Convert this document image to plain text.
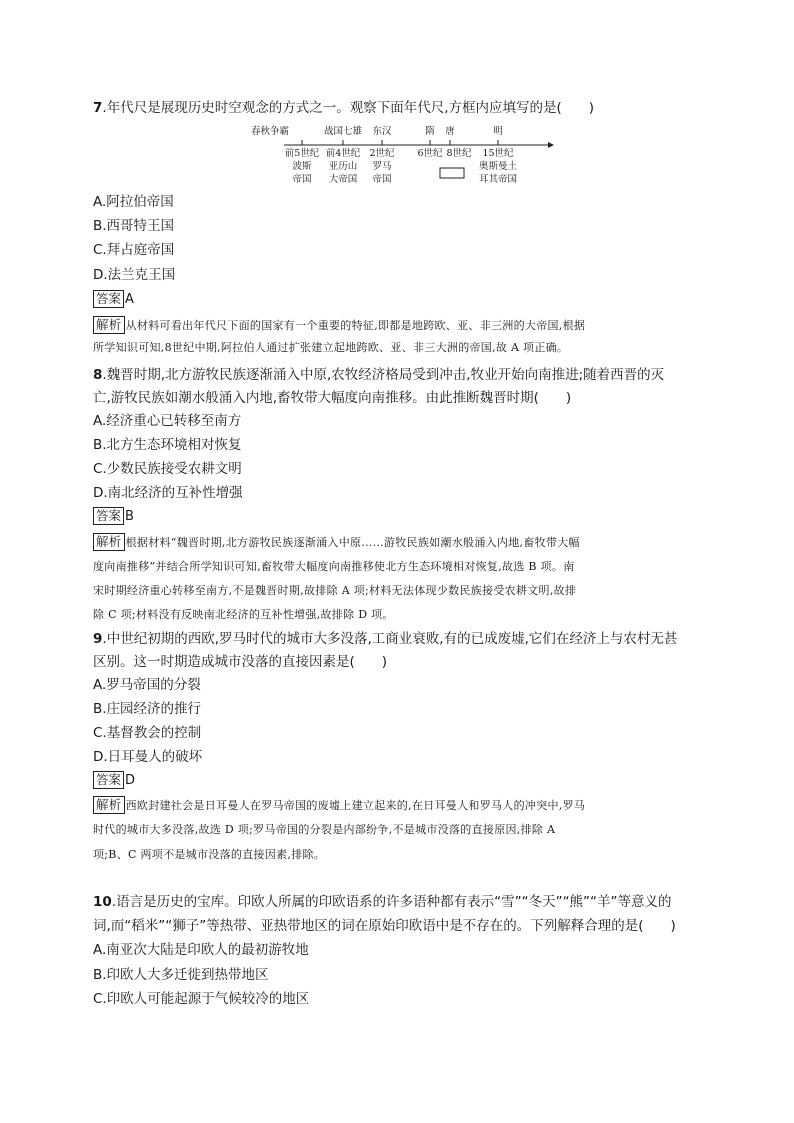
7.年代尺是展现历史时空观念的方式之一。观察下面年代尺,方框内应填写的是(　　)
春秋争霸	战国七雄 东汉	隋 唐	明
前5世纪 前4世纪 2世纪 6世纪 8世纪 15世纪
波斯
帝国
亚历山
大帝国
罗马
帝国
奥斯曼土
耳其帝国
A.阿拉伯帝国
B.西哥特王国
C.拜占庭帝国
D.法兰克王国
答案 A
解析 从材料可看出年代尺下面的国家有一个重要的特征,即都是地跨欧、亚、非三洲的大帝国,根据
所学知识可知,8世纪中期,阿拉伯人通过扩张建立起地跨欧、亚、非三大洲的帝国,故 A 项正确。
8.魏晋时期,北方游牧民族逐渐涌入中原,农牧经济格局受到冲击,牧业开始向南推进;随着西晋的灭
亡,游牧民族如潮水般涌入内地,畜牧带大幅度向南推移。由此推断魏晋时期(　　)
A.经济重心已转移至南方
B.北方生态环境相对恢复
C.少数民族接受农耕文明
D.南北经济的互补性增强
答案 B
解析 根据材料“魏晋时期,北方游牧民族逐渐涌入中原……游牧民族如潮水般涌入内地,畜牧带大幅
度向南推移”并结合所学知识可知,畜牧带大幅度向南推移使北方生态环境相对恢复,故选 B 项。南
宋时期经济重心转移至南方,不是魏晋时期,故排除 A 项;材料无法体现少数民族接受农耕文明,故排
除 C 项;材料没有反映南北经济的互补性增强,故排除 D 项。
9.中世纪初期的西欧,罗马时代的城市大多没落,工商业衰败,有的已成废墟,它们在经济上与农村无甚
区别。这一时期造成城市没落的直接因素是(　　)
A.罗马帝国的分裂
B.庄园经济的推行
C.基督教会的控制
D.日耳曼人的破坏
答案 D
解析 西欧封建社会是日耳曼人在罗马帝国的废墟上建立起来的,在日耳曼人和罗马人的冲突中,罗马
时代的城市大多没落,故选 D 项;罗马帝国的分裂是内部纷争,不是城市没落的直接原因,排除 A
项;B、C 两项不是城市没落的直接因素,排除。
10.语言是历史的宝库。印欧人所属的印欧语系的许多语种都有表示“雪”“冬天”“熊”“羊”等意义的
词,而“稻米”“狮子”等热带、亚热带地区的词在原始印欧语中是不存在的。下列解释合理的是(　　)
A.南亚次大陆是印欧人的最初游牧地
B.印欧人大多迁徙到热带地区
C.印欧人可能起源于气候较冷的地区
